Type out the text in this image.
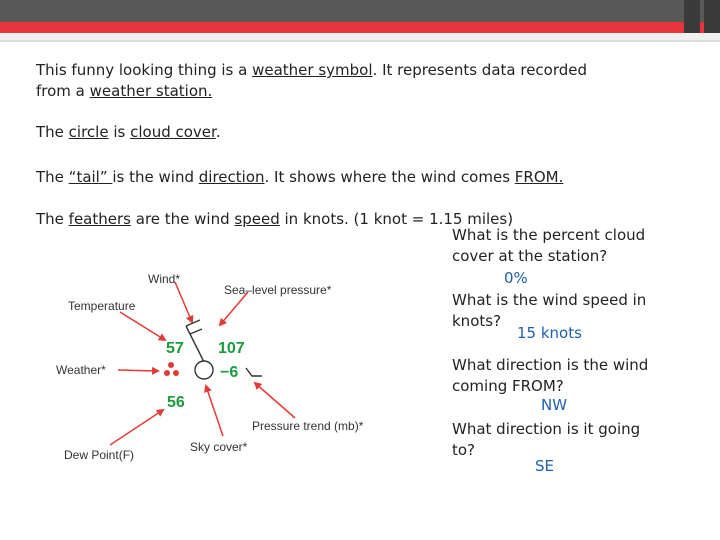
This funny looking thing is a weather symbol. It represents data recorded
from a weather station.
The circle is cloud cover.
The “tail” is the wind direction. It shows where the wind comes FROM.
The feathers are the wind speed in knots. (1 knot = 1.15 miles)
Wind*
Sea–level pressure*
Temperature
Weather*
Pressure trend (mb)*
Sky cover*
Dew Point(F)
57 107
−6
56
What is the percent cloud
cover at the station?
0%
What is the wind speed in
knots?
15 knots
What direction is the wind
coming FROM?
NW
What direction is it going
to?
SE
